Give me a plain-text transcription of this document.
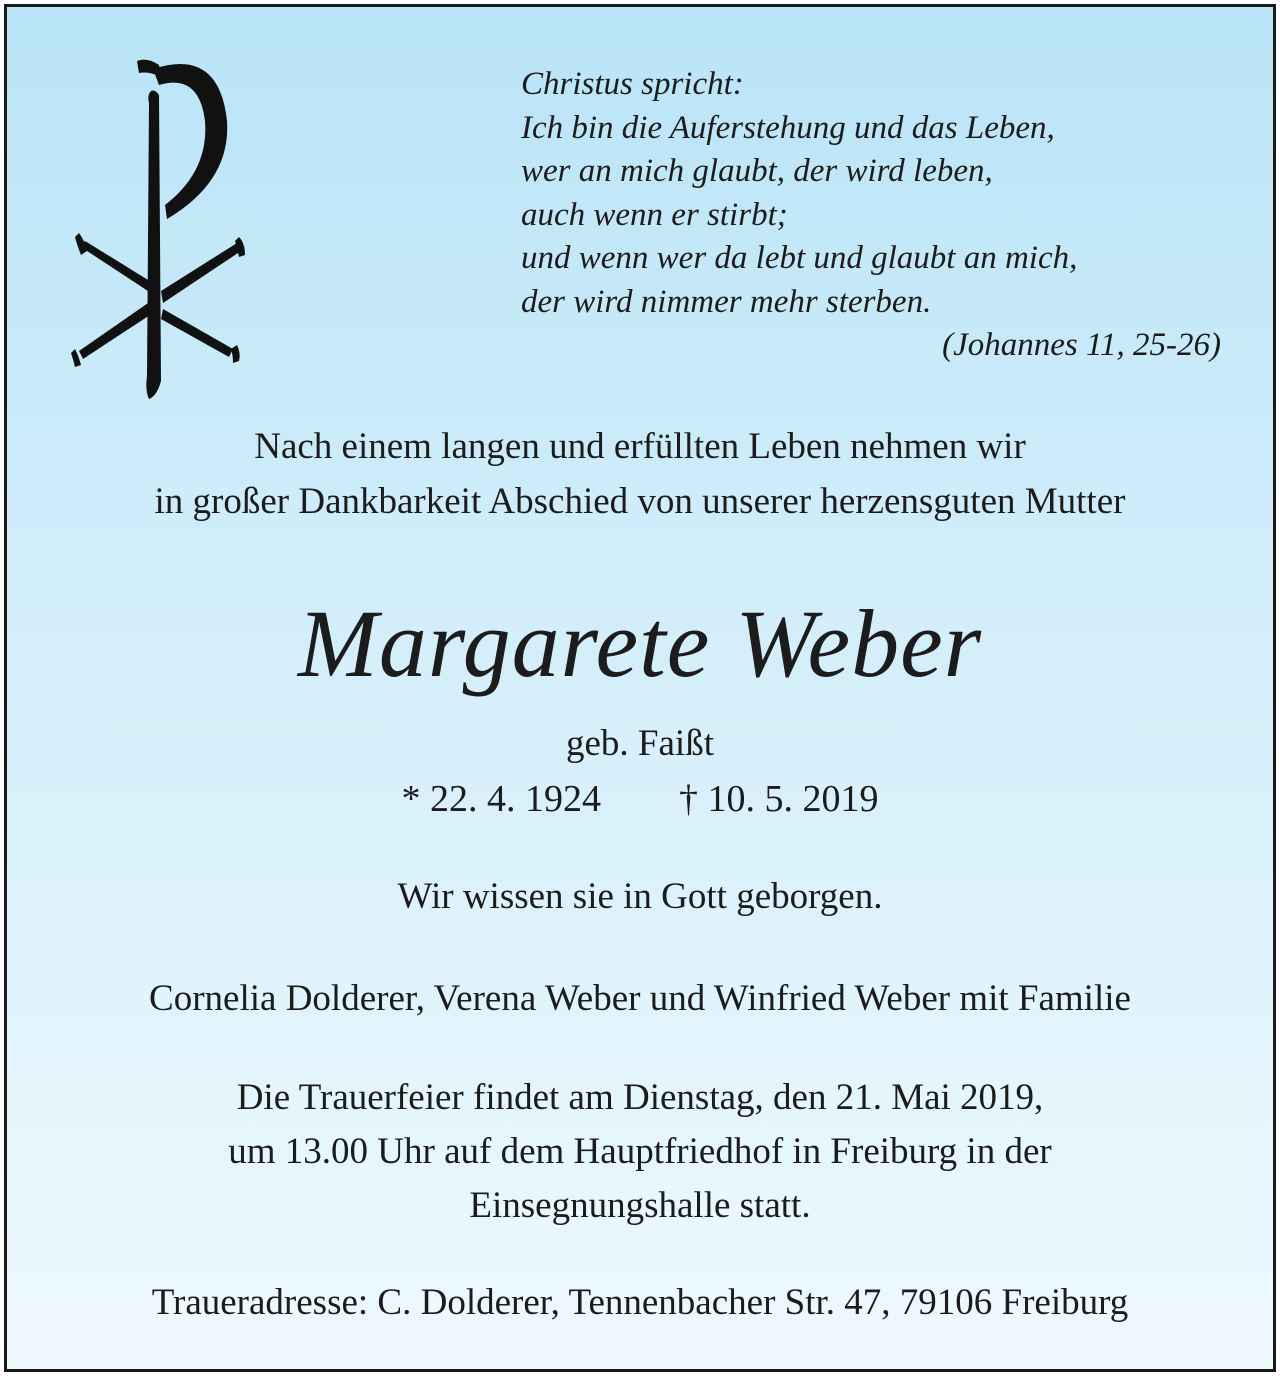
Christus spricht:
Ich bin die Auferstehung und das Leben,
wer an mich glaubt, der wird leben,
auch wenn er stirbt;
und wenn wer da lebt und glaubt an mich,
der wird nimmer mehr sterben.
(Johannes 11, 25-26)
Nach einem langen und erfüllten Leben nehmen wir
in großer Dankbarkeit Abschied von unserer herzensguten Mutter
Margarete Weber
geb. Faißt
* 22. 4. 1924 † 10. 5. 2019
Wir wissen sie in Gott geborgen.
Cornelia Dolderer, Verena Weber und Winfried Weber mit Familie
Die Trauerfeier findet am Dienstag, den 21. Mai 2019,
um 13.00 Uhr auf dem Hauptfriedhof in Freiburg in der
Einsegnungshalle statt.
Traueradresse: C. Dolderer, Tennenbacher Str. 47, 79106 Freiburg
